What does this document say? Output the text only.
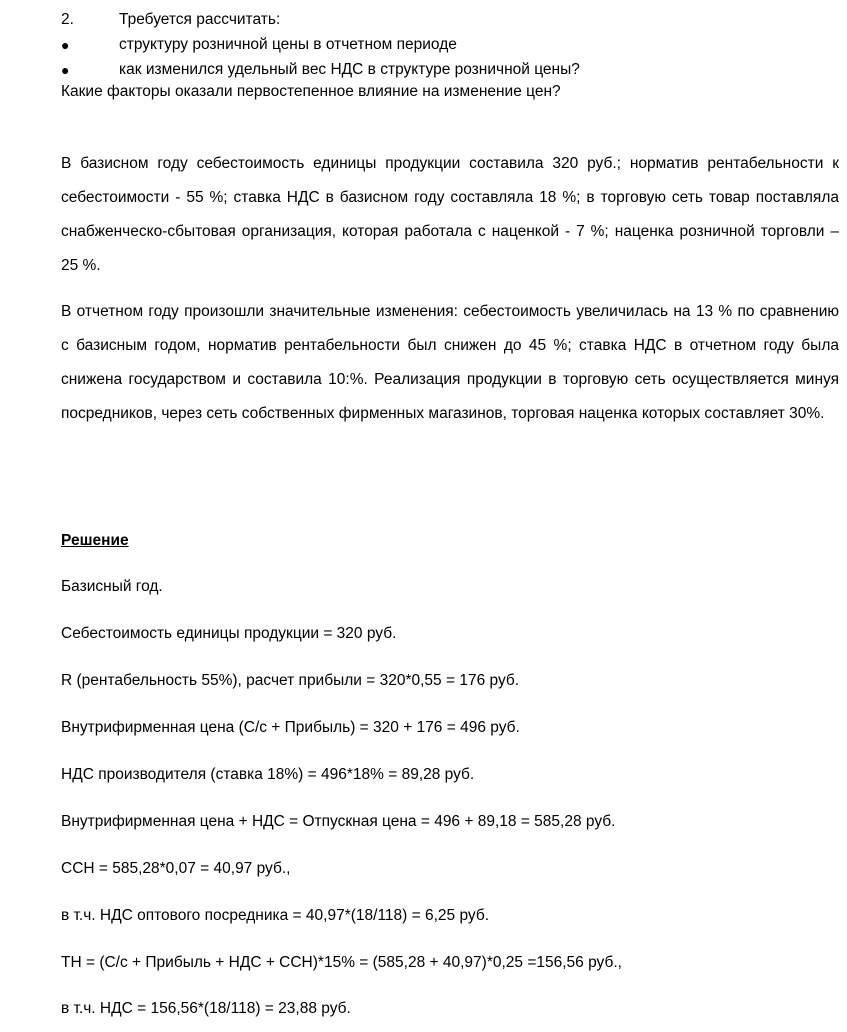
2.	Требуется рассчитать:
●	структуру розничной цены в отчетном периоде
●	как изменился удельный вес НДС в структуре розничной цены?
Какие факторы оказали первостепенное влияние на изменение цен?

В базисном году себестоимость единицы продукции составила 320 руб.; норматив рентабельности к себестоимости - 55 %; ставка НДС в базисном году составляла 18 %; в торговую сеть товар поставляла снабженческо-сбытовая организация, которая работала с наценкой - 7 %; наценка розничной торговли – 25 %.

В отчетном году произошли значительные изменения: себестоимость увеличилась на 13 % по сравнению с базисным годом, норматив рентабельности был снижен до 45 %; ставка НДС в отчетном году была снижена государством и составила 10:%. Реализация продукции в торговую сеть осуществляется минуя посредников, через сеть собственных фирменных магазинов, торговая наценка которых составляет 30%.

Решение
Базисный год.
Себестоимость единицы продукции = 320 руб.
R (рентабельность 55%), расчет прибыли = 320*0,55 = 176 руб.
Внутрифирменная цена (С/с + Прибыль) = 320 + 176 = 496 руб.
НДС производителя (ставка 18%) = 496*18% = 89,28 руб.
Внутрифирменная цена + НДС = Отпускная цена = 496 + 89,18 = 585,28 руб.
ССН = 585,28*0,07 = 40,97 руб.,
в т.ч. НДС оптового посредника = 40,97*(18/118) = 6,25 руб.
ТН = (С/с + Прибыль + НДС + ССН)*15% = (585,28 + 40,97)*0,25 =156,56 руб.,
в т.ч. НДС = 156,56*(18/118) = 23,88 руб.
